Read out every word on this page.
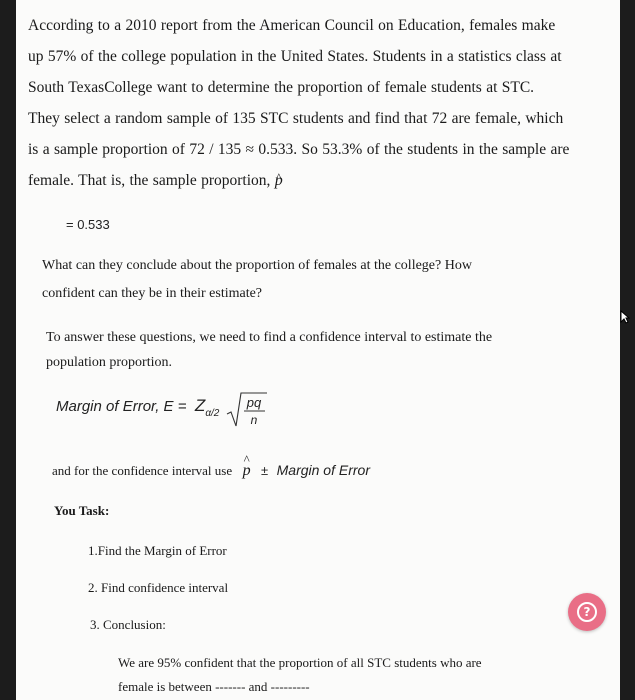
According to a 2010 report from the American Council on Education, females make
up 57% of the college population in the United States. Students in a statistics class at
South TexasCollege want to determine the proportion of female students at STC.
They select a random sample of 135 STC students and find that 72 are female, which
is a sample proportion of 72 / 135 ≈ 0.533. So 53.3% of the students in the sample are
female. That is, the sample proportion, ^ p
= 0.533
What can they conclude about the proportion of females at the college? How
confident can they be in their estimate?
To answer these questions, we need to find a confidence interval to estimate the
population proportion.
Margin of Error, $E = Z_{\alpha/2}$
pq
n
and for the confidence interval use ^ p ± Margin of Error
You Task:
1.Find the Margin of Error
2. Find confidence interval
3. Conclusion:
We are 95% confident that the proportion of all STC students who are
female is between ------- and ---------
?
